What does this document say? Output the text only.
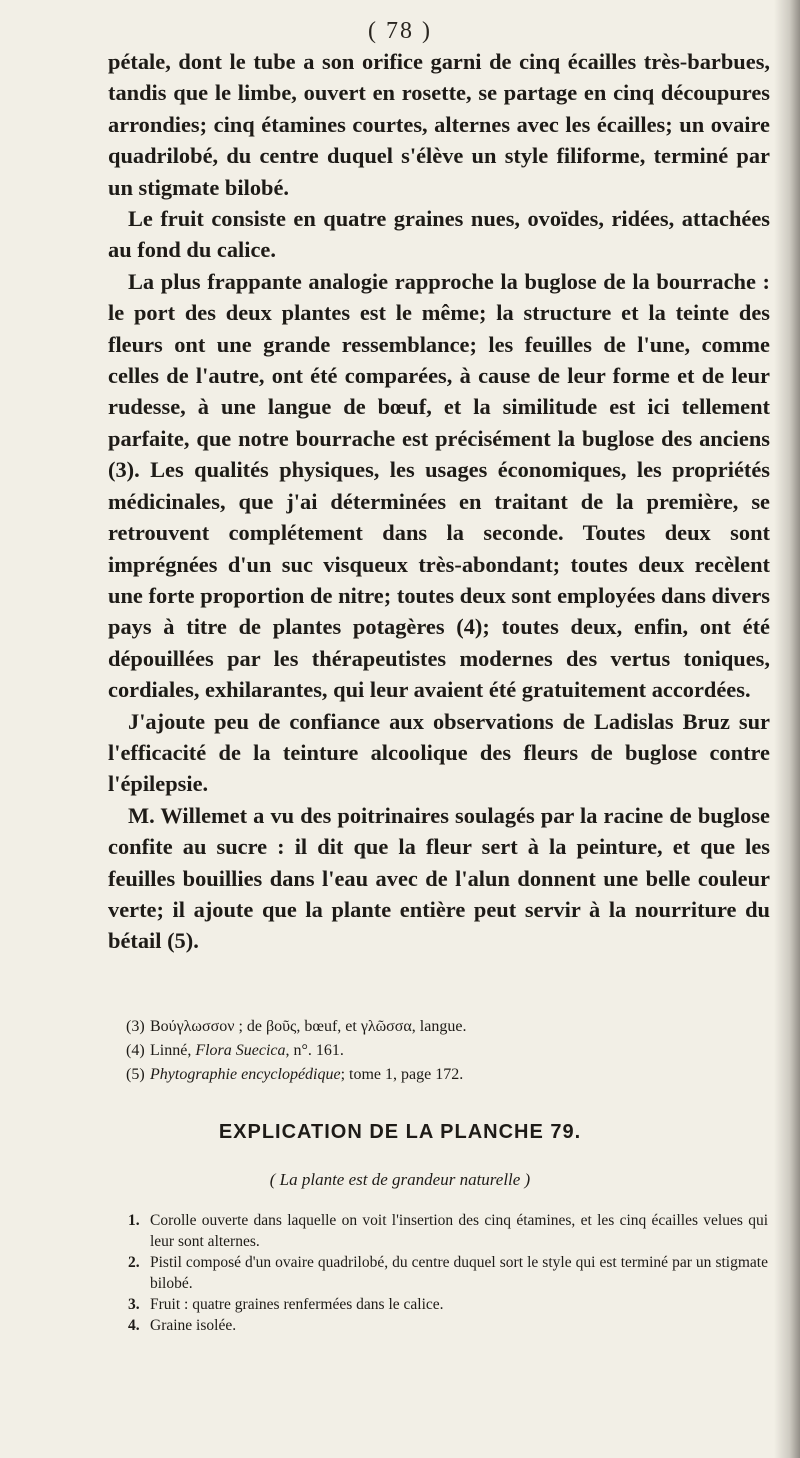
( 78 )

pétale, dont le tube a son orifice garni de cinq écailles très-barbues, tandis que le limbe, ouvert en rosette, se partage en cinq découpures arrondies; cinq étamines courtes, alternes avec les écailles; un ovaire quadrilobé, du centre duquel s'élève un style filiforme, terminé par un stigmate bilobé.

Le fruit consiste en quatre graines nues, ovoïdes, ridées, attachées au fond du calice.

La plus frappante analogie rapproche la buglose de la bourrache : le port des deux plantes est le même; la structure et la teinte des fleurs ont une grande ressemblance; les feuilles de l'une, comme celles de l'autre, ont été comparées, à cause de leur forme et de leur rudesse, à une langue de bœuf, et la similitude est ici tellement parfaite, que notre bourrache est précisément la buglose des anciens (3). Les qualités physiques, les usages économiques, les propriétés médicinales, que j'ai déterminées en traitant de la première, se retrouvent complétement dans la seconde. Toutes deux sont imprégnées d'un suc visqueux très-abondant; toutes deux recèlent une forte proportion de nitre; toutes deux sont employées dans divers pays à titre de plantes potagères (4); toutes deux, enfin, ont été dépouillées par les thérapeutistes modernes des vertus toniques, cordiales, exhilarantes, qui leur avaient été gratuitement accordées.

J'ajoute peu de confiance aux observations de Ladislas Bruz sur l'efficacité de la teinture alcoolique des fleurs de buglose contre l'épilepsie.

M. Willemet a vu des poitrinaires soulagés par la racine de buglose confite au sucre : il dit que la fleur sert à la peinture, et que les feuilles bouillies dans l'eau avec de l'alun donnent une belle couleur verte; il ajoute que la plante entière peut servir à la nourriture du bétail (5).

(3) Βούγλωσσον ; de βοῦς, bœuf, et γλῶσσα, langue.
(4) Linné, Flora Suecica, n°. 161.
(5) Phytographie encyclopédique; tome 1, page 172.
EXPLICATION DE LA PLANCHE 79.
( La plante est de grandeur naturelle )
1. Corolle ouverte dans laquelle on voit l'insertion des cinq étamines, et les cinq écailles velues qui leur sont alternes.
2. Pistil composé d'un ovaire quadrilobé, du centre duquel sort le style qui est terminé par un stigmate bilobé.
3. Fruit : quatre graines renfermées dans le calice.
4. Graine isolée.
